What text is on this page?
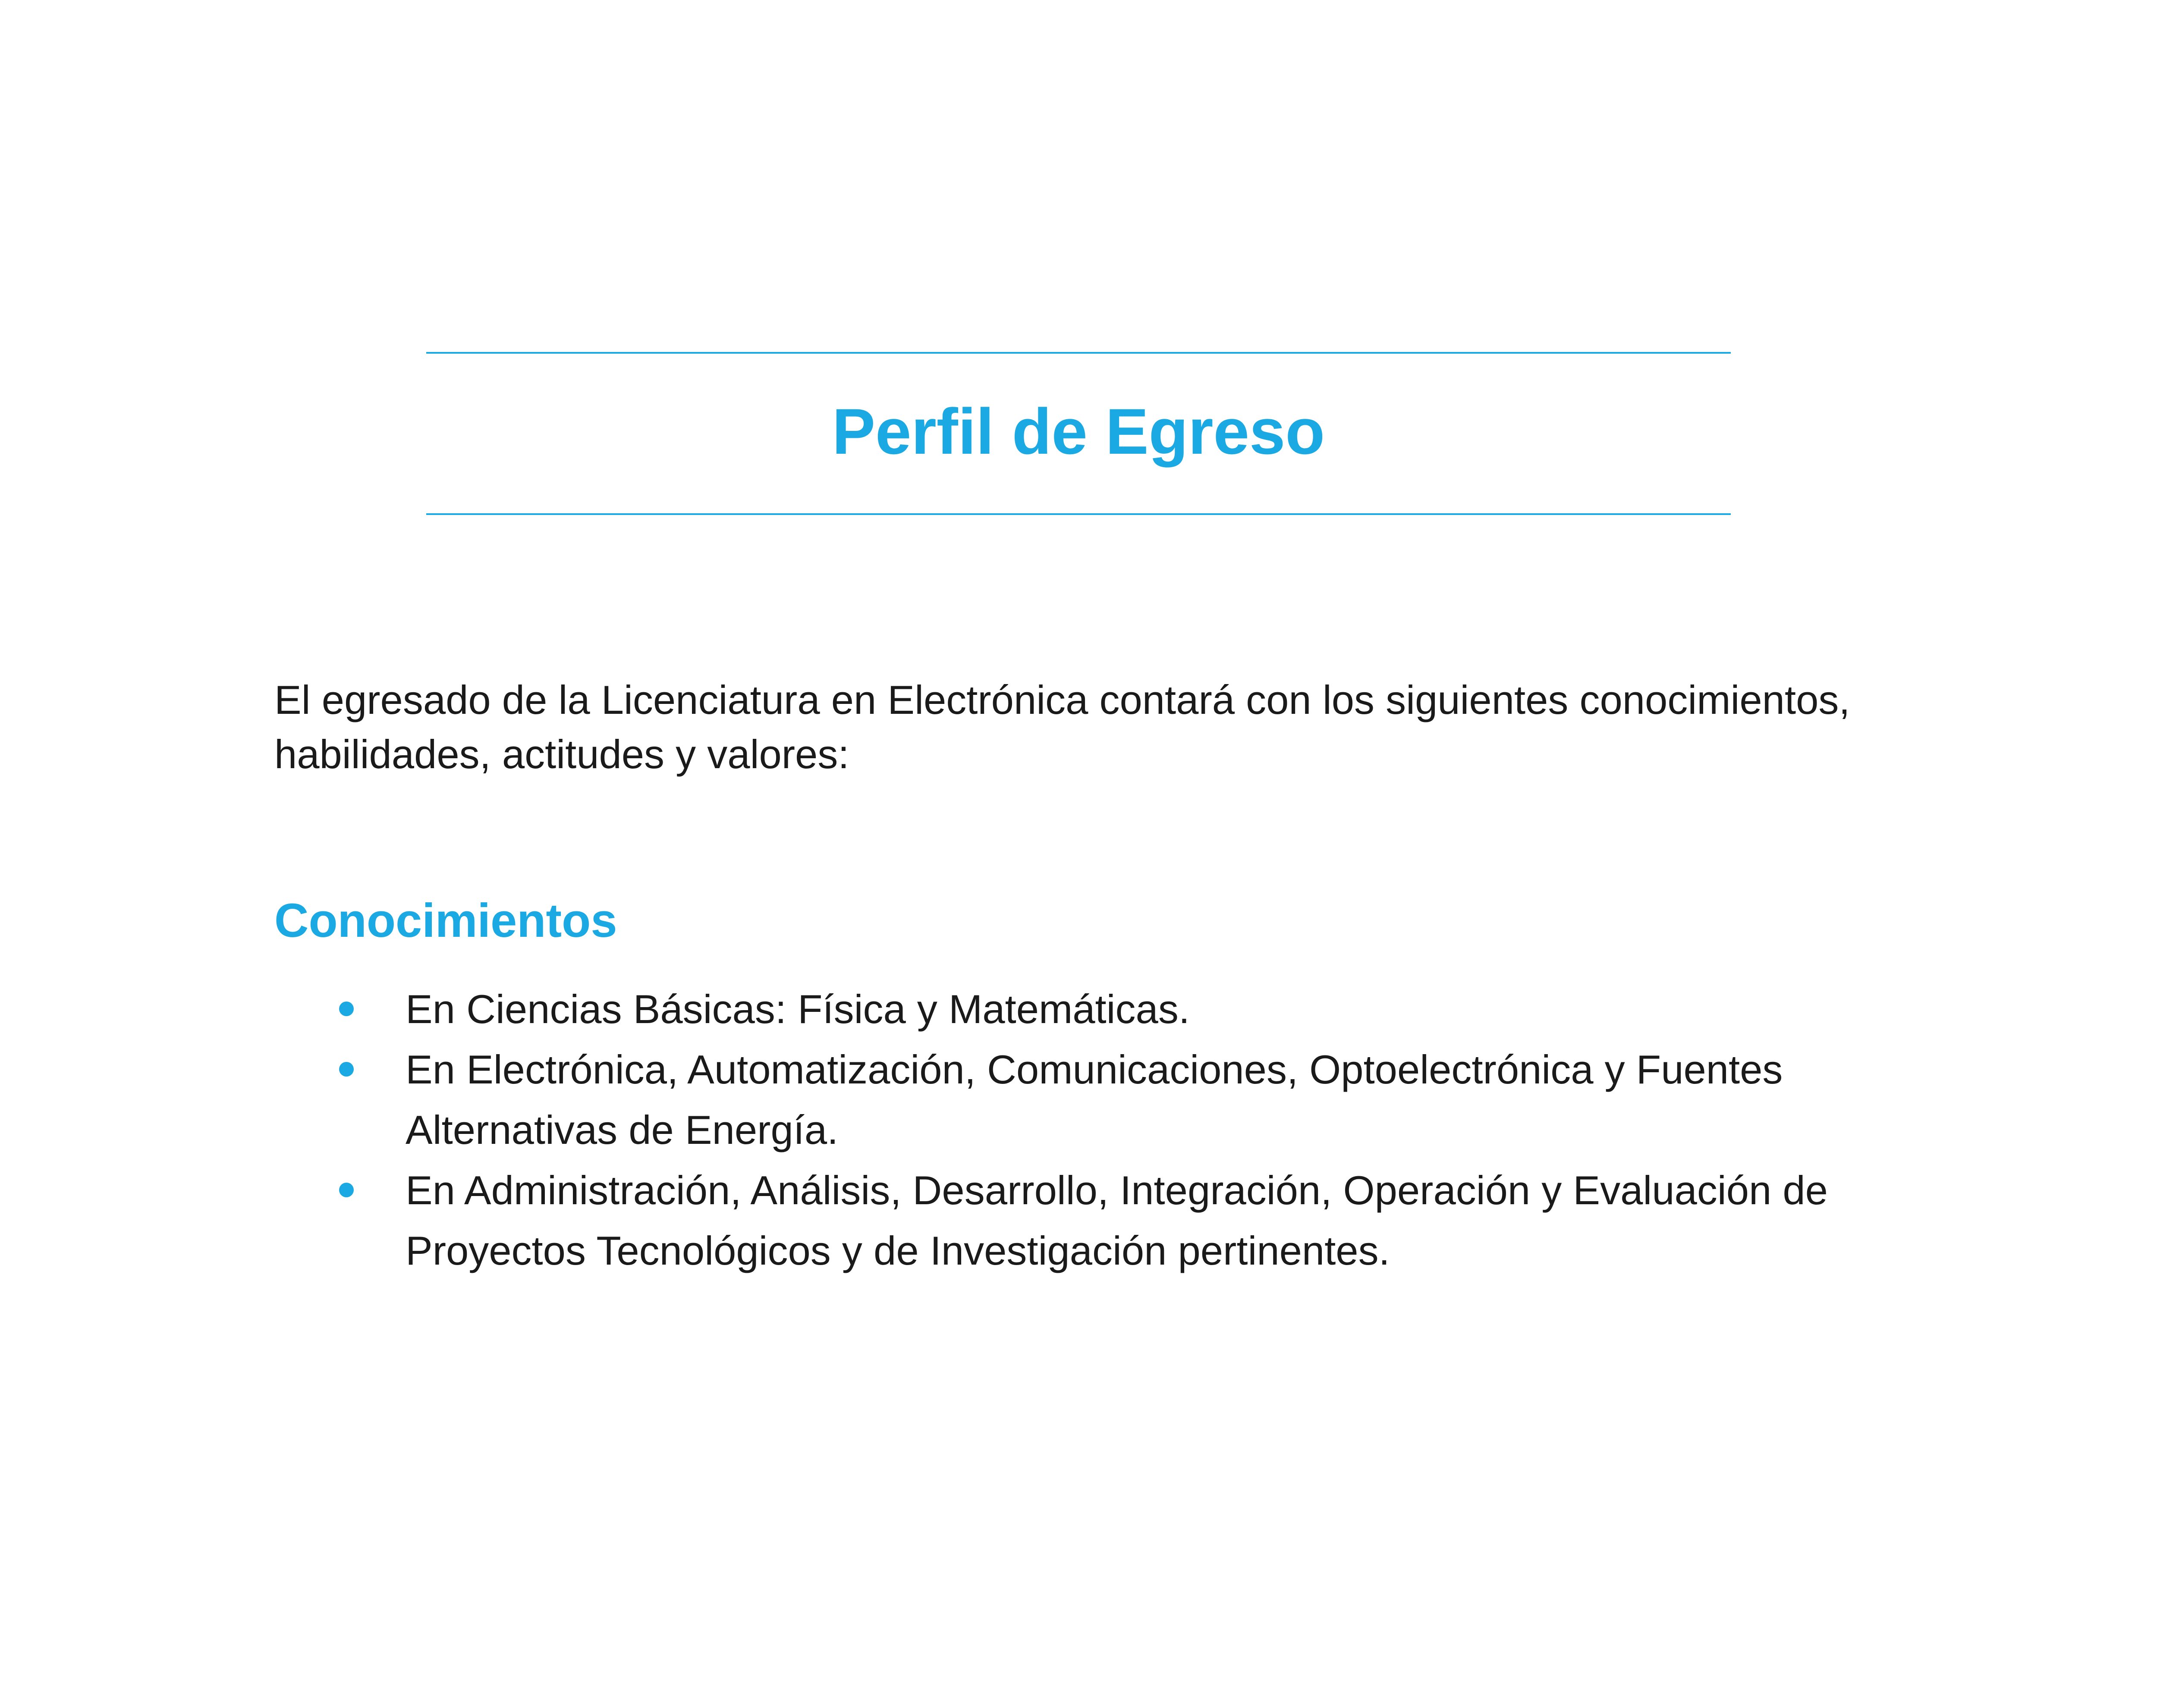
Perfil de Egreso

El egresado de la Licenciatura en Electrónica contará con los siguientes conocimientos, habilidades, actitudes y valores:

Conocimientos
En Ciencias Básicas: Física y Matemáticas.
En Electrónica, Automatización, Comunicaciones, Optoelectrónica y Fuentes Alternativas de Energía.
En Administración, Análisis, Desarrollo, Integración, Operación y Evaluación de Proyectos Tecnológicos y de Investigación pertinentes.
